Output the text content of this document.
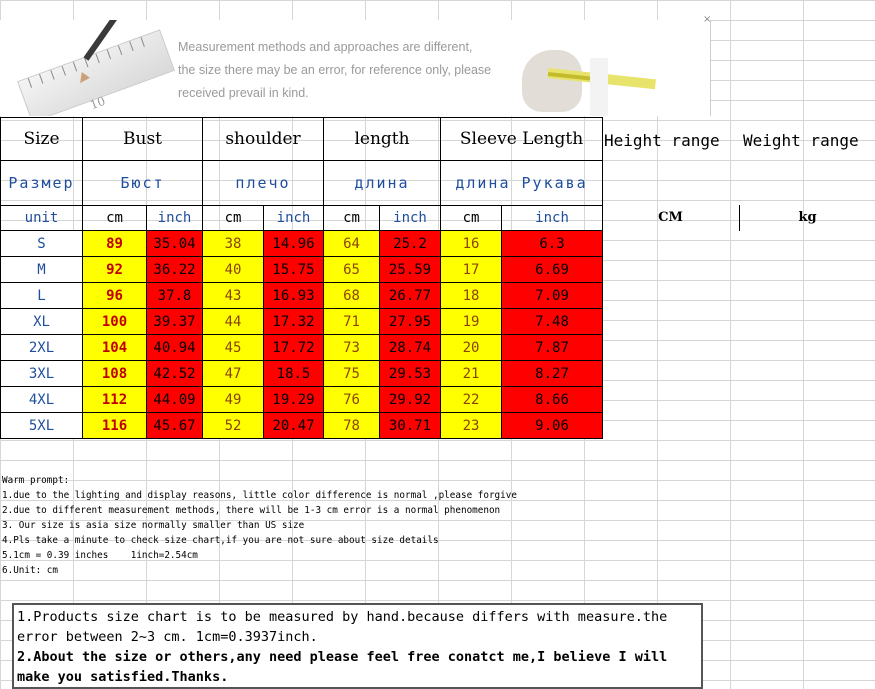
10
Measurement methods and approaches are different,
the size there may be an error, for reference only, please
received prevail in kind.
×
Size	Bust		shoulder		length		Sleeve Length	
Размер	Бюст		плечо		длина		длина Рукава	
unit	cm	inch	cm	inch	cm	inch	cm	inch
S	89	35.04	38	14.96	64	25.2	16	6.3
M	92	36.22	40	15.75	65	25.59	17	6.69
L	96	37.8	43	16.93	68	26.77	18	7.09
XL	100	39.37	44	17.32	71	27.95	19	7.48
2XL	104	40.94	45	17.72	73	28.74	20	7.87
3XL	108	42.52	47	18.5	75	29.53	21	8.27
4XL	112	44.09	49	19.29	76	29.92	22	8.66
5XL	116	45.67	52	20.47	78	30.71	23	9.06
Height range	Weight range
CM	kg
Warm prompt:
1.due to the lighting and display reasons, little color difference is normal ,please forgive
2.due to different measurement methods, there will be 1-3 cm error is a normal phenomenon
3. Our size is asia size normally smaller than US size
4.Pls take a minute to check size chart,if you are not sure about size details
5.1cm = 0.39 inches    1inch=2.54cm
6.Unit: cm
1.Products size chart is to be measured by hand.because differs with measure.the error between 2~3 cm. 1cm=0.3937inch.
2.About the size or others,any need please feel free conatct me,I believe I will make you satisfied.Thanks.
